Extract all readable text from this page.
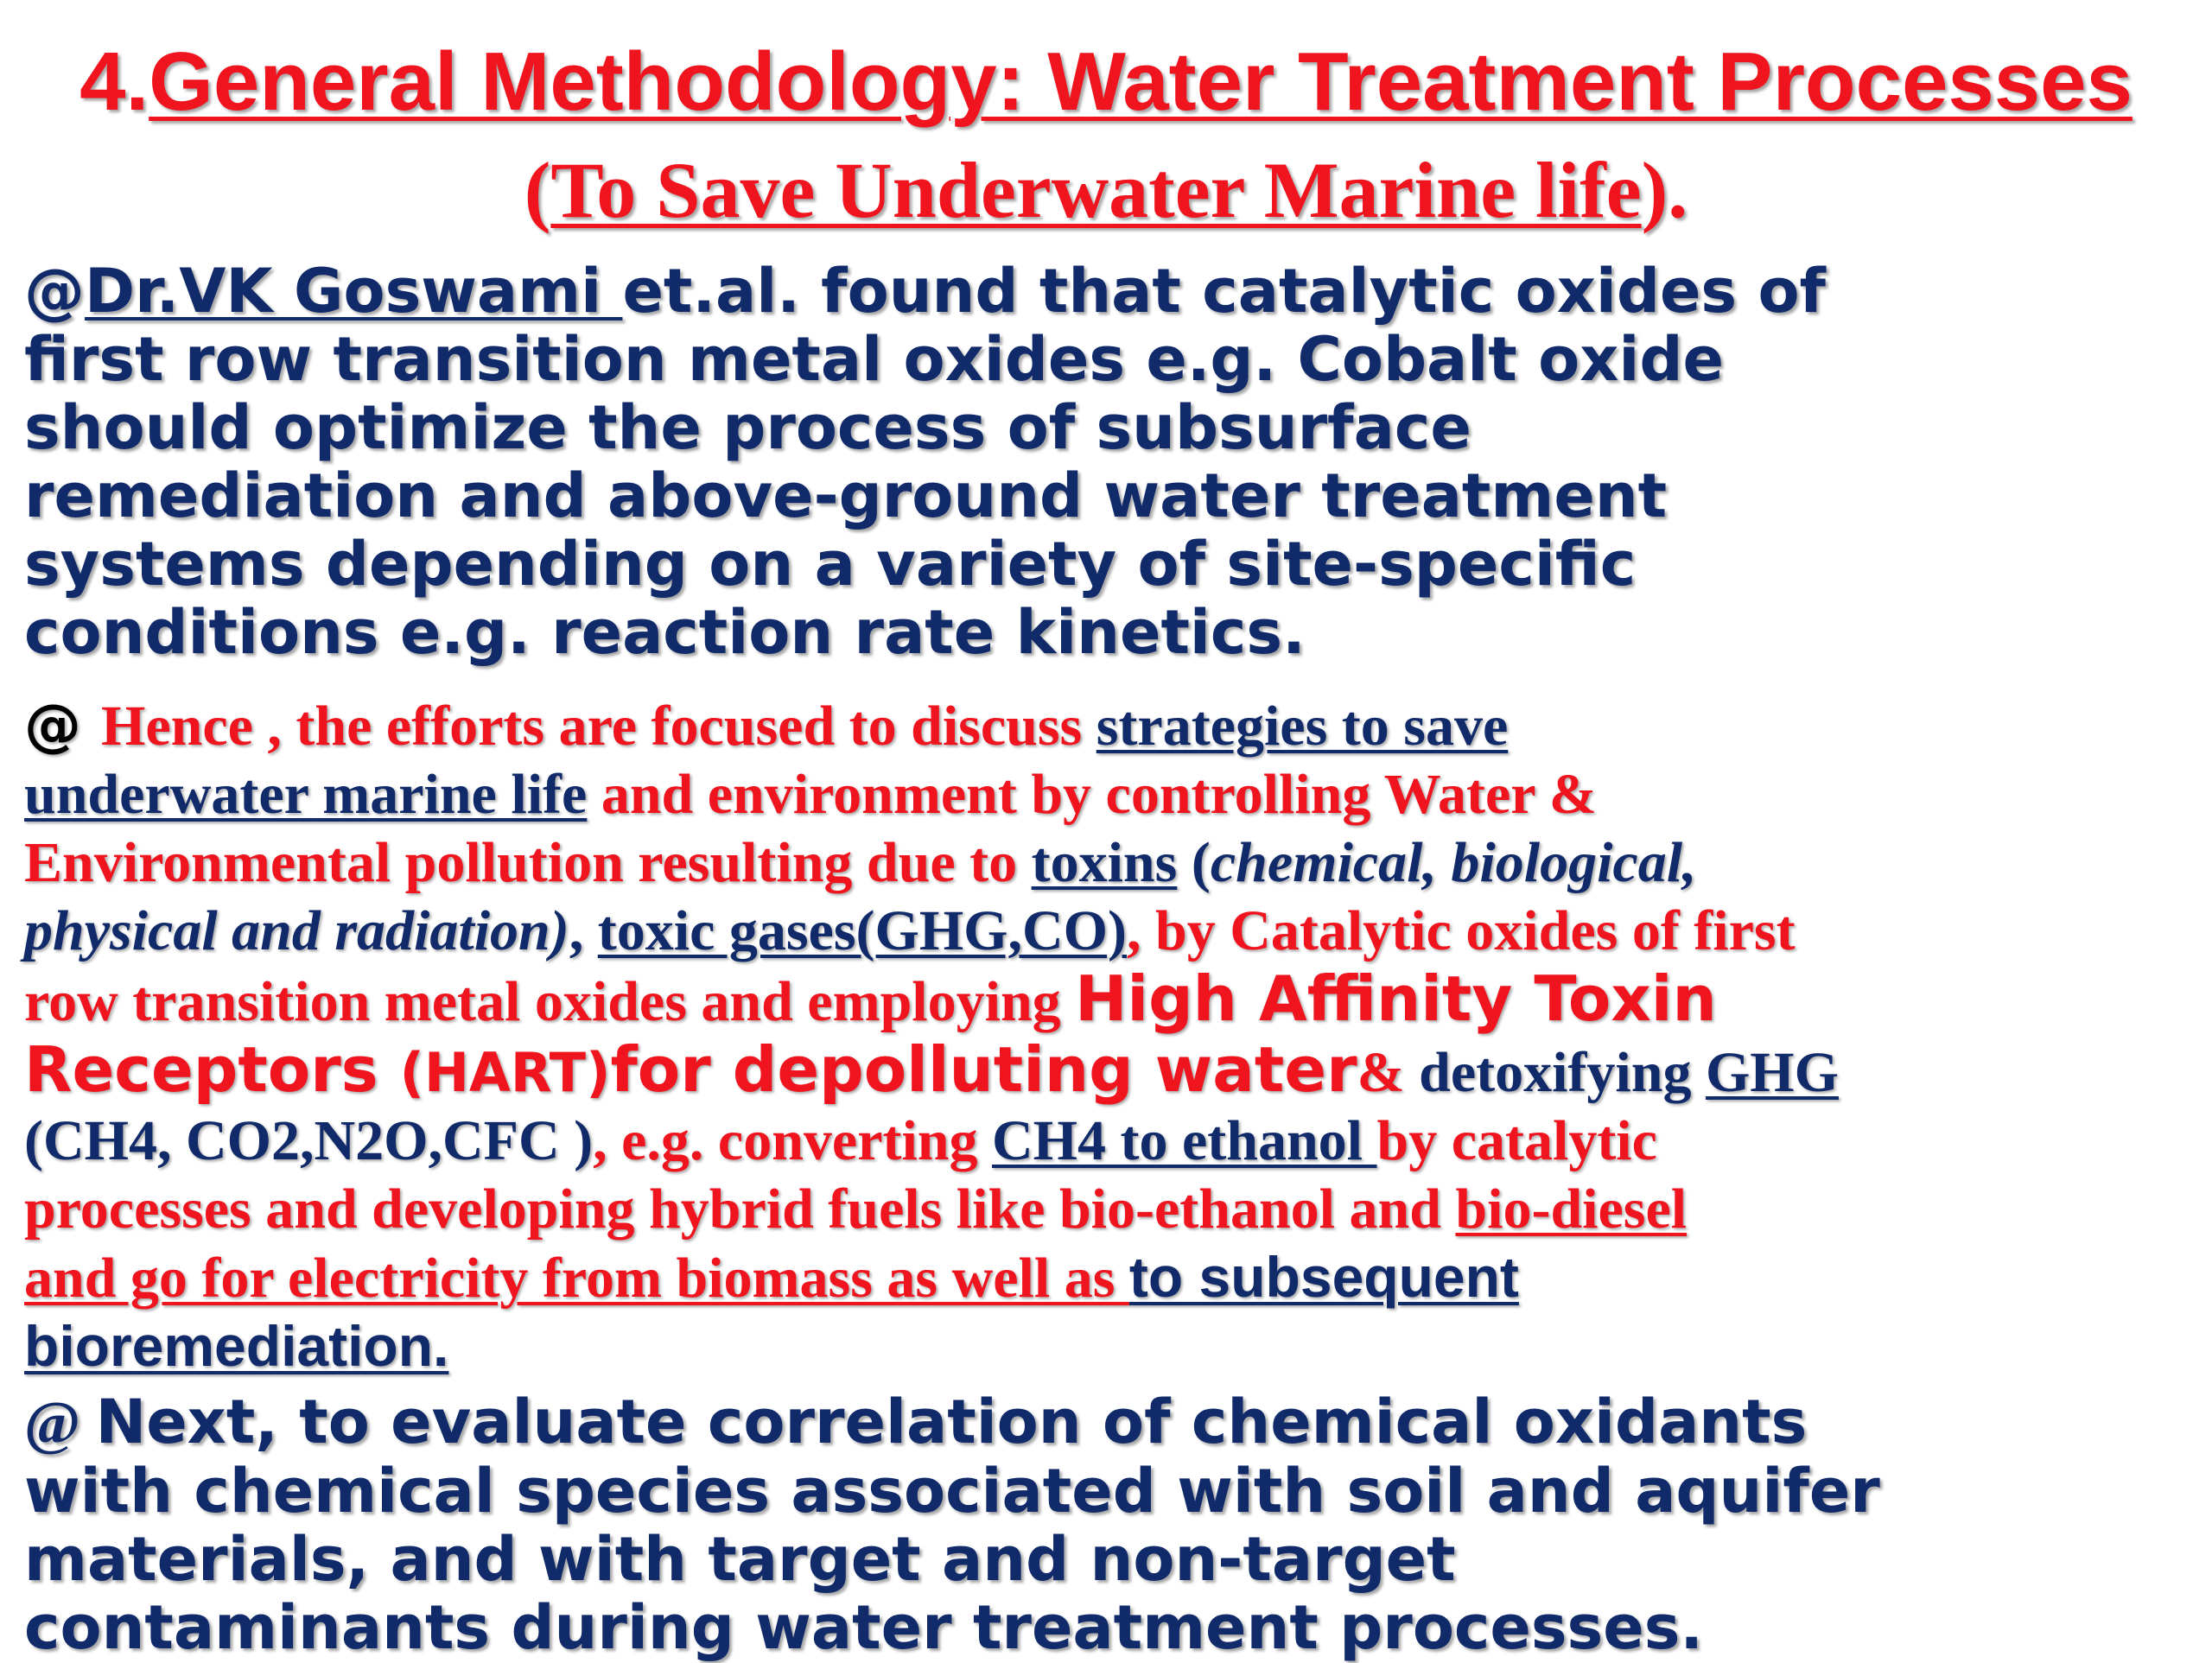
4.General Methodology: Water Treatment Processes
(To Save Underwater Marine life).
@Dr.VK Goswami et.al. found that catalytic oxides of
first row transition metal oxides e.g. Cobalt oxide
should optimize the process of subsurface
remediation and above-ground water treatment
systems depending on a variety of site-specific
conditions e.g. reaction rate kinetics.
@ Hence , the efforts are focused to discuss strategies to save
underwater marine life and environment by controlling Water &
Environmental pollution resulting due to toxins (chemical, biological,
physical and radiation), toxic gases(GHG,CO), by Catalytic oxides of first
row transition metal oxides and employing High Affinity Toxin
Receptors (HART)for depolluting water& detoxifying GHG
(CH4, CO2,N2O,CFC ), e.g. converting CH4 to ethanol by catalytic
processes and developing hybrid fuels like bio-ethanol and bio-diesel
and go for electricity from biomass as well as to subsequent
bioremediation.
@ Next, to evaluate correlation of chemical oxidants
with chemical species associated with soil and aquifer
materials, and with target and non-target
contaminants during water treatment processes.
